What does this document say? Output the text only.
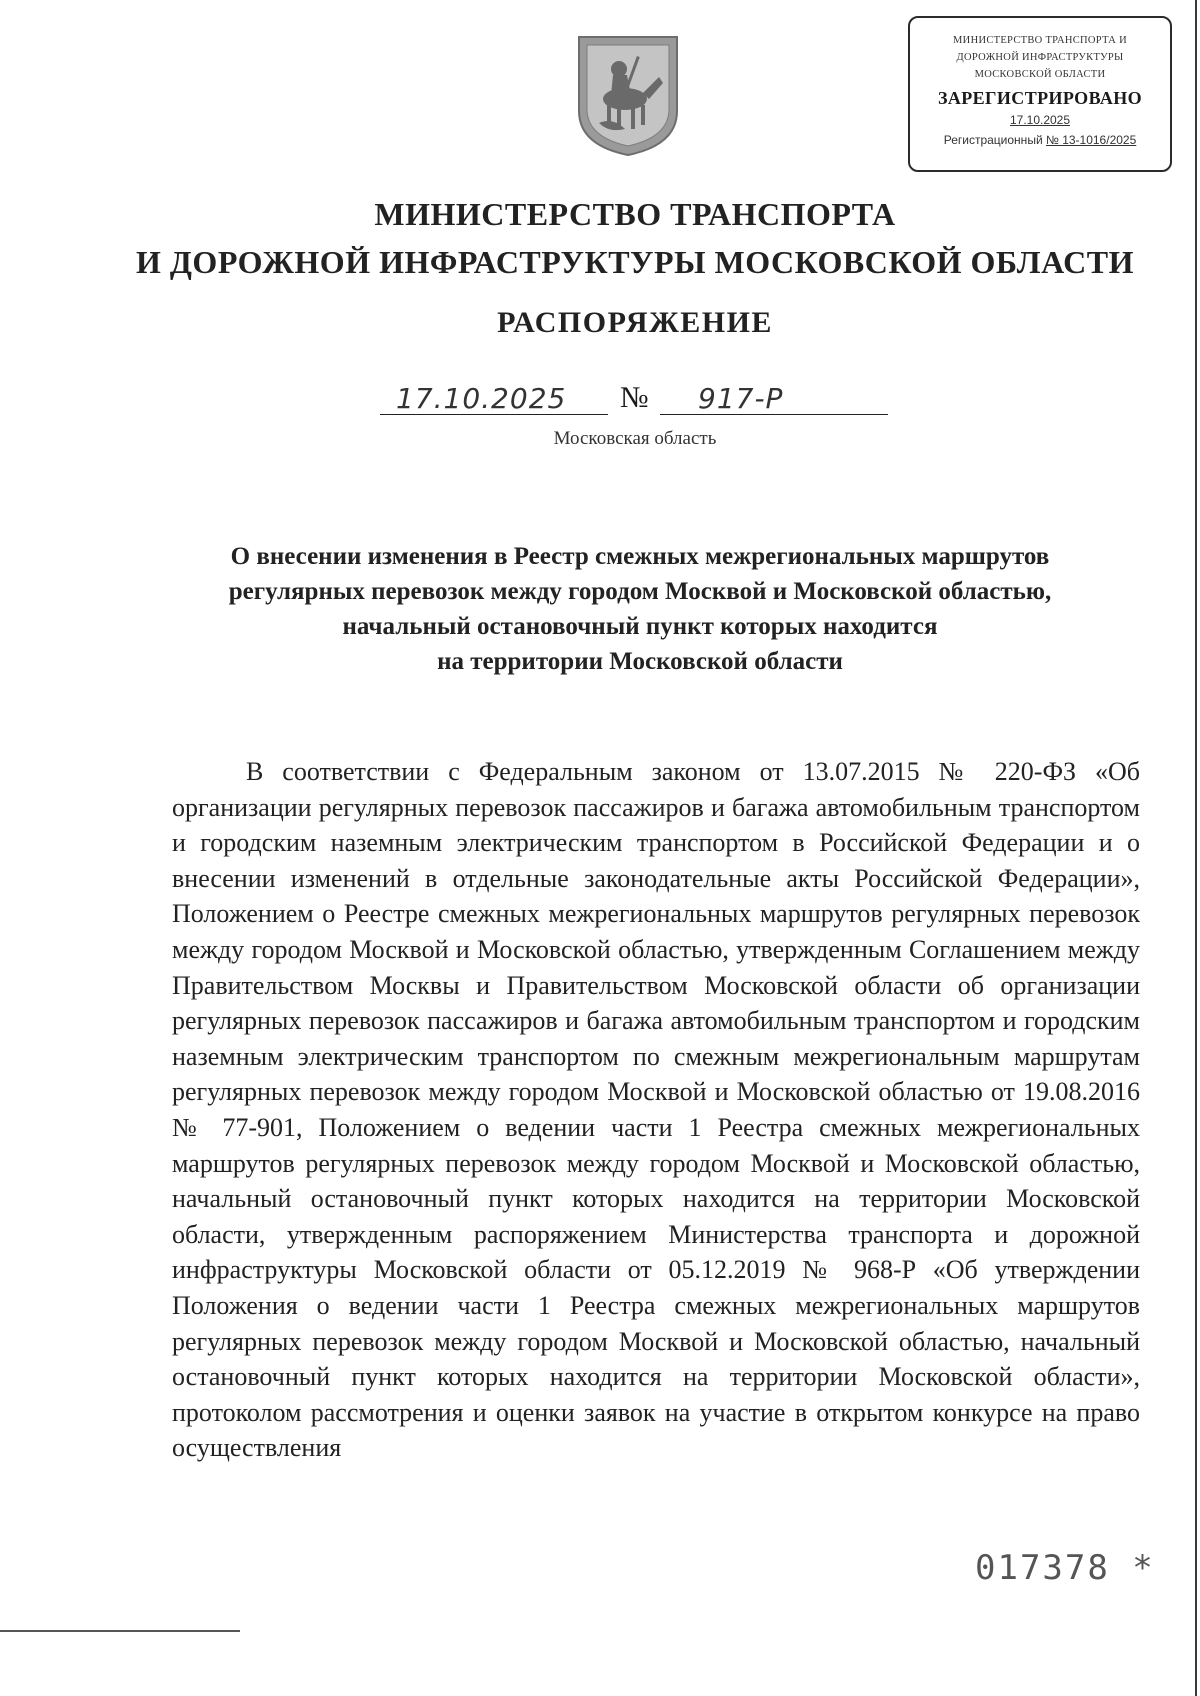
МИНИСТЕРСТВО ТРАНСПОРТА И
ДОРОЖНОЙ ИНФРАСТРУКТУРЫ
МОСКОВСКОЙ ОБЛАСТИ
ЗАРЕГИСТРИРОВАНО
17.10.2025
Регистрационный № 13-1016/2025
МИНИСТЕРСТВО ТРАНСПОРТА
И ДОРОЖНОЙ ИНФРАСТРУКТУРЫ МОСКОВСКОЙ ОБЛАСТИ
РАСПОРЯЖЕНИЕ
17.10.2025 № 917-Р
Московская область
О внесении изменения в Реестр смежных межрегиональных маршрутов
регулярных перевозок между городом Москвой и Московской областью,
начальный остановочный пункт которых находится
на территории Московской области

В соответствии с Федеральным законом от 13.07.2015 № 220-ФЗ «Об организации регулярных перевозок пассажиров и багажа автомобильным транспортом и городским наземным электрическим транспортом в Российской Федерации и о внесении изменений в отдельные законодательные акты Российской Федерации», Положением о Реестре смежных межрегиональных маршрутов регулярных перевозок между городом Москвой и Московской областью, утвержденным Соглашением между Правительством Москвы и Правительством Московской области об организации регулярных перевозок пассажиров и багажа автомобильным транспортом и городским наземным электрическим транспортом по смежным межрегиональным маршрутам регулярных перевозок между городом Москвой и Московской областью от 19.08.2016 № 77-901, Положением о ведении части 1 Реестра смежных межрегиональных маршрутов регулярных перевозок между городом Москвой и Московской областью, начальный остановочный пункт которых находится на территории Московской области, утвержденным распоряжением Министерства транспорта и дорожной инфраструктуры Московской области от 05.12.2019 № 968-Р «Об утверждении Положения о ведении части 1 Реестра смежных межрегиональных маршрутов регулярных перевозок между городом Москвой и Московской областью, начальный остановочный пункт которых находится на территории Московской области», протоколом рассмотрения и оценки заявок на участие в открытом конкурсе на право осуществления

017378 *
